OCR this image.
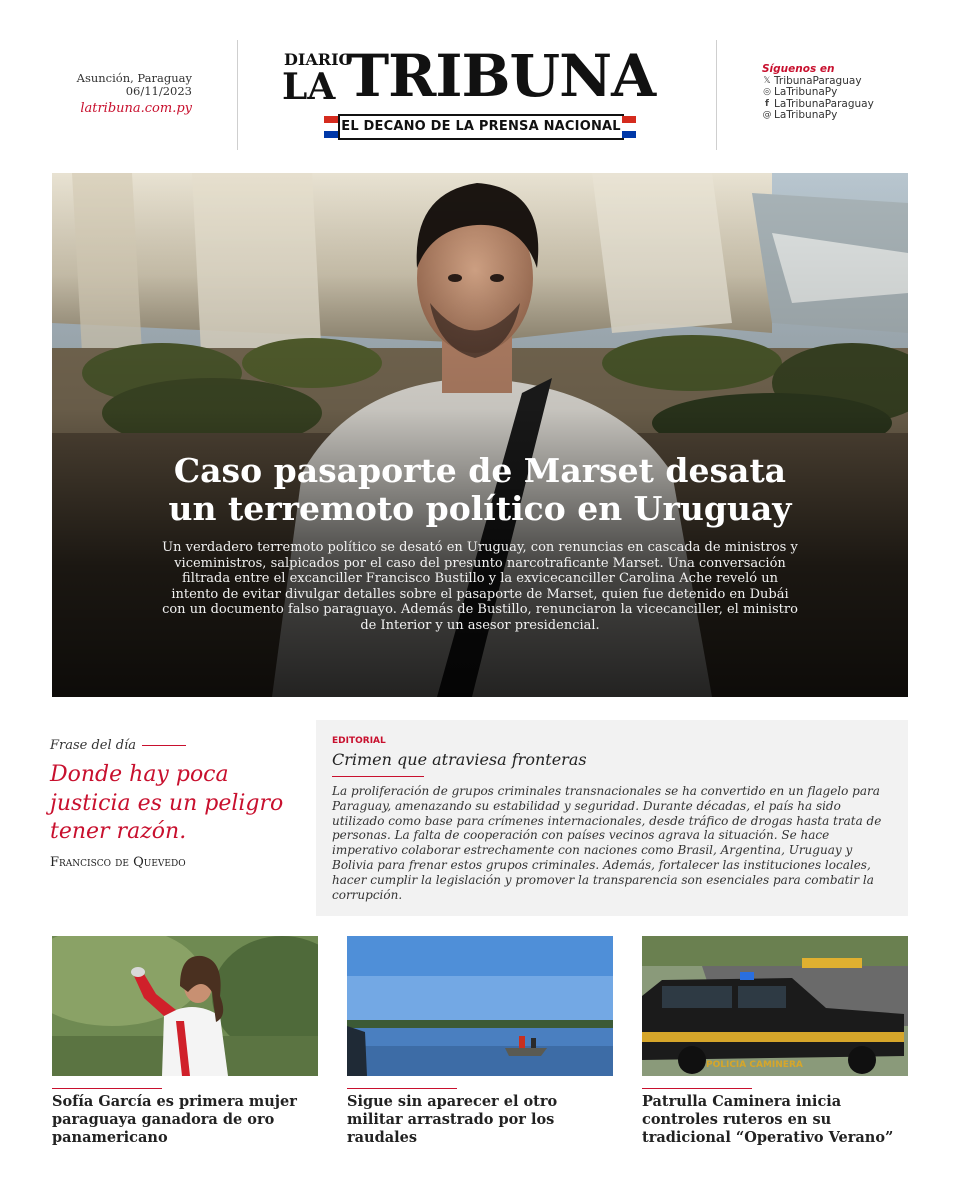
Asunción, Paraguay
06/11/2023
latribuna.com.py
DIARIO
LA TRIBUNA
EL DECANO DE LA PRENSA NACIONAL
Síguenos en
𝕏 TribunaParaguay
◎ LaTribunaPy
f LaTribunaParaguay
@ LaTribunaPy
Caso pasaporte de Marset desata
un terremoto político en Uruguay
Un verdadero terremoto político se desató en Uruguay, con renuncias en cascada de ministros y viceministros, salpicados por el caso del presunto narcotraficante Marset. Una conversación filtrada entre el excanciller Francisco Bustillo y la exvicecanciller Carolina Ache reveló un intento de evitar divulgar detalles sobre el pasaporte de Marset, quien fue detenido en Dubái con un documento falso paraguayo. Además de Bustillo, renunciaron la vicecanciller, el ministro de Interior y un asesor presidencial.
Frase del día
Donde hay poca justicia es un peligro tener razón.
Francisco de Quevedo
EDITORIAL
Crimen que atraviesa fronteras
La proliferación de grupos criminales transnacionales se ha convertido en un flagelo para Paraguay, amenazando su estabilidad y seguridad. Durante décadas, el país ha sido utilizado como base para crímenes internacionales, desde tráfico de drogas hasta trata de personas. La falta de cooperación con países vecinos agrava la situación. Se hace imperativo colaborar estrechamente con naciones como Brasil, Argentina, Uruguay y Bolivia para frenar estos grupos criminales. Además, fortalecer las instituciones locales, hacer cumplir la legislación y promover la transparencia son esenciales para combatir la corrupción.
Sofía García es primera mujer paraguaya ganadora de oro panamericano
Sigue sin aparecer el otro militar arrastrado por los raudales
POLICIA CAMINERA
Patrulla Caminera inicia controles ruteros en su tradicional “Operativo Verano”
